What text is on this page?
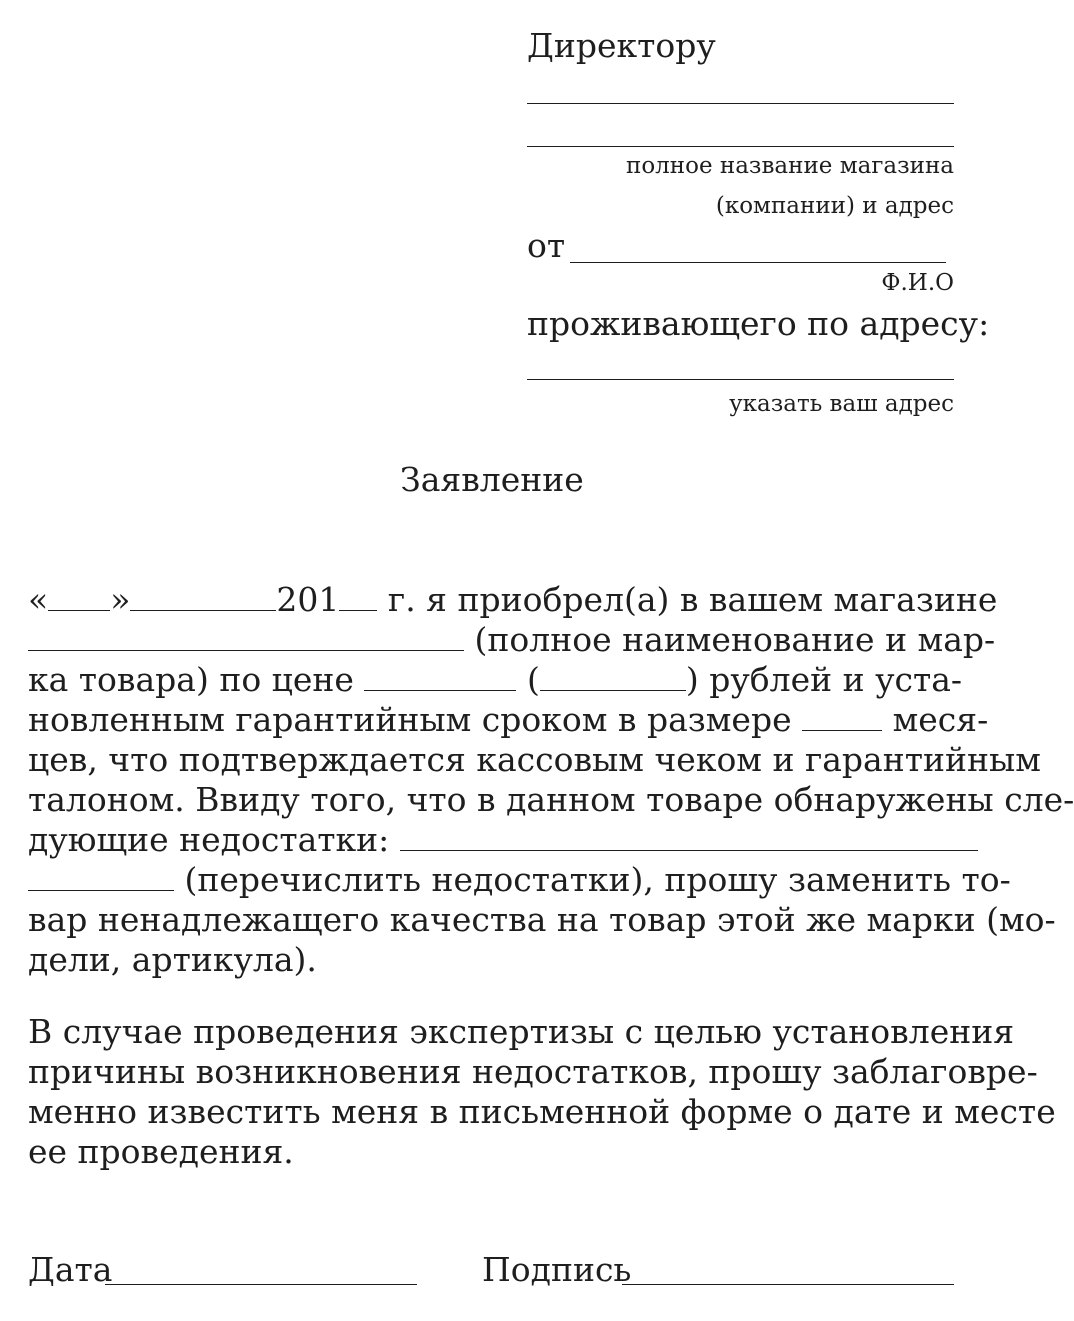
Директору
полное название магазина
(компании) и адрес
от
Ф.И.О
проживающего по адресу:
указать ваш адрес
Заявление
« »	201 г. я приобрел(а) в вашем магазине
(полное наименование и мар-
ка товара) по цене	(	) рублей и уста-
новленным гарантийным сроком в размере	меся-
цев, что подтверждается кассовым чеком и гарантийным
талоном. Ввиду того, что в данном товаре обнаружены сле-
дующие недостатки:
(перечислить недостатки), прошу заменить то-
вар ненадлежащего качества на товар этой же марки (мо-
дели, артикула).
В случае проведения экспертизы с целью установления
причины возникновения недостатков, прошу заблаговре-
менно известить меня в письменной форме о дате и месте
ее проведения.
Дата	Подпись
